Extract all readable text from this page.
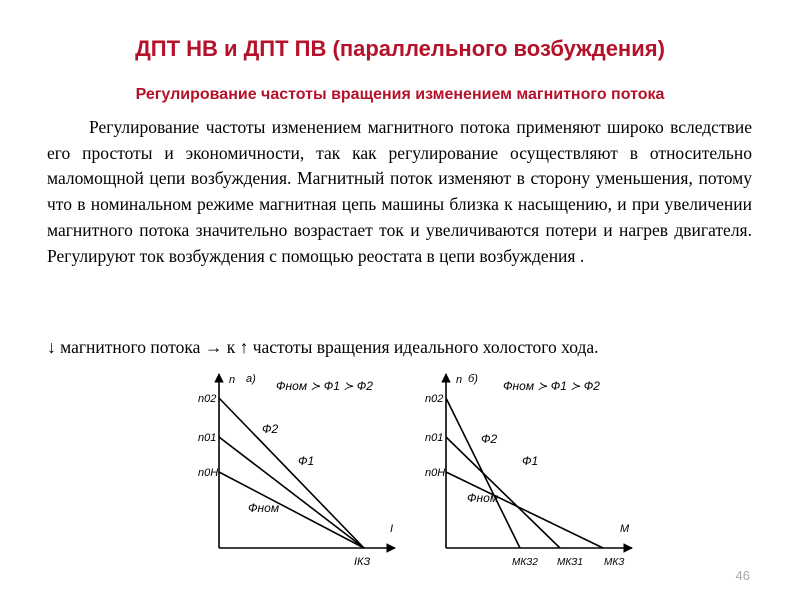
ДПТ НВ и ДПТ ПВ (параллельного возбуждения)
Регулирование частоты вращения изменением магнитного потока

Регулирование частоты изменением магнитного потока применяют широко вследствие его простоты и экономичности, так как регулирование осуществляют в относительно маломощной цепи возбуждения. Магнитный поток изменяют в сторону уменьшения, потому что в номинальном режиме магнитная цепь машины близка к насыщению, и при увеличении магнитного потока значительно возрастает ток и увеличиваются потери и нагрев двигателя. Регулируют ток возбуждения с помощью реостата в цепи возбуждения .

↓ магнитного потока → к ↑ частоты вращения идеального холостого хода.
n а) Фном ≻ Ф1 ≻ Ф2
n02
n01
n0H
Ф2
Ф1
Фном
I
IКЗ
n б) Фном ≻ Ф1 ≻ Ф2
n02
n01
n0H
Ф2
Ф1
Фном
M
MКЗ2 MКЗ1 MКЗ
46
